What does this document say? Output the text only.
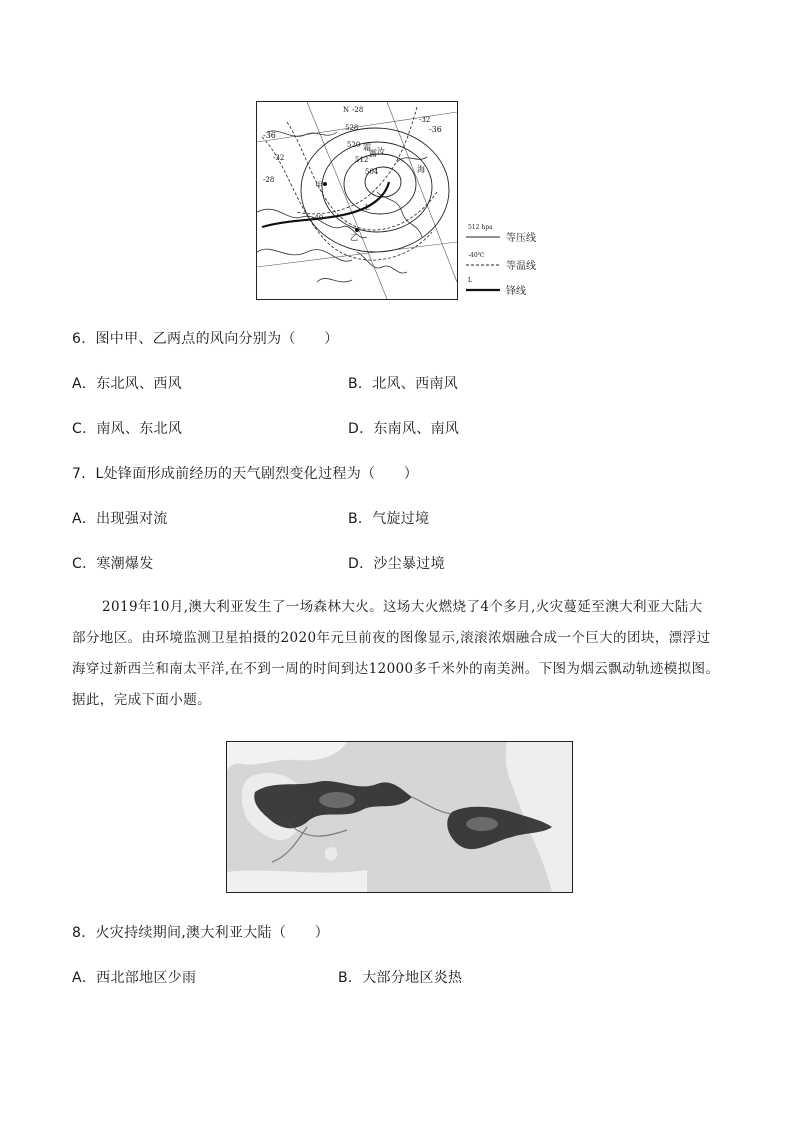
-36
-32
-28
-36
-32
-28
-40
528
520
512
504
N
甲
乙
L
霜
露 汝
海
512 hpa
等压线
-40℃
等温线
L
锋线
6．图中甲、乙两点的风向分别为（　　）
A．东北风、西风	B．北风、西南风
C．南风、东北风	D．东南风、南风
7．L处锋面形成前经历的天气剧烈变化过程为（　　）
A．出现强对流	B．气旋过境
C．寒潮爆发	D．沙尘暴过境

2019年10月,澳大利亚发生了一场森林大火。这场大火燃烧了4个多月,火灾蔓延至澳大利亚大陆大

部分地区。由环境监测卫星拍摄的2020年元旦前夜的图像显示,滚滚浓烟融合成一个巨大的团块，漂浮过

海穿过新西兰和南太平洋,在不到一周的时间到达12000多千米外的南美洲。下图为烟云飘动轨迹模拟图。

据此，完成下面小题。

8．火灾持续期间,澳大利亚大陆（　　）
A．西北部地区少雨	B．大部分地区炎热
